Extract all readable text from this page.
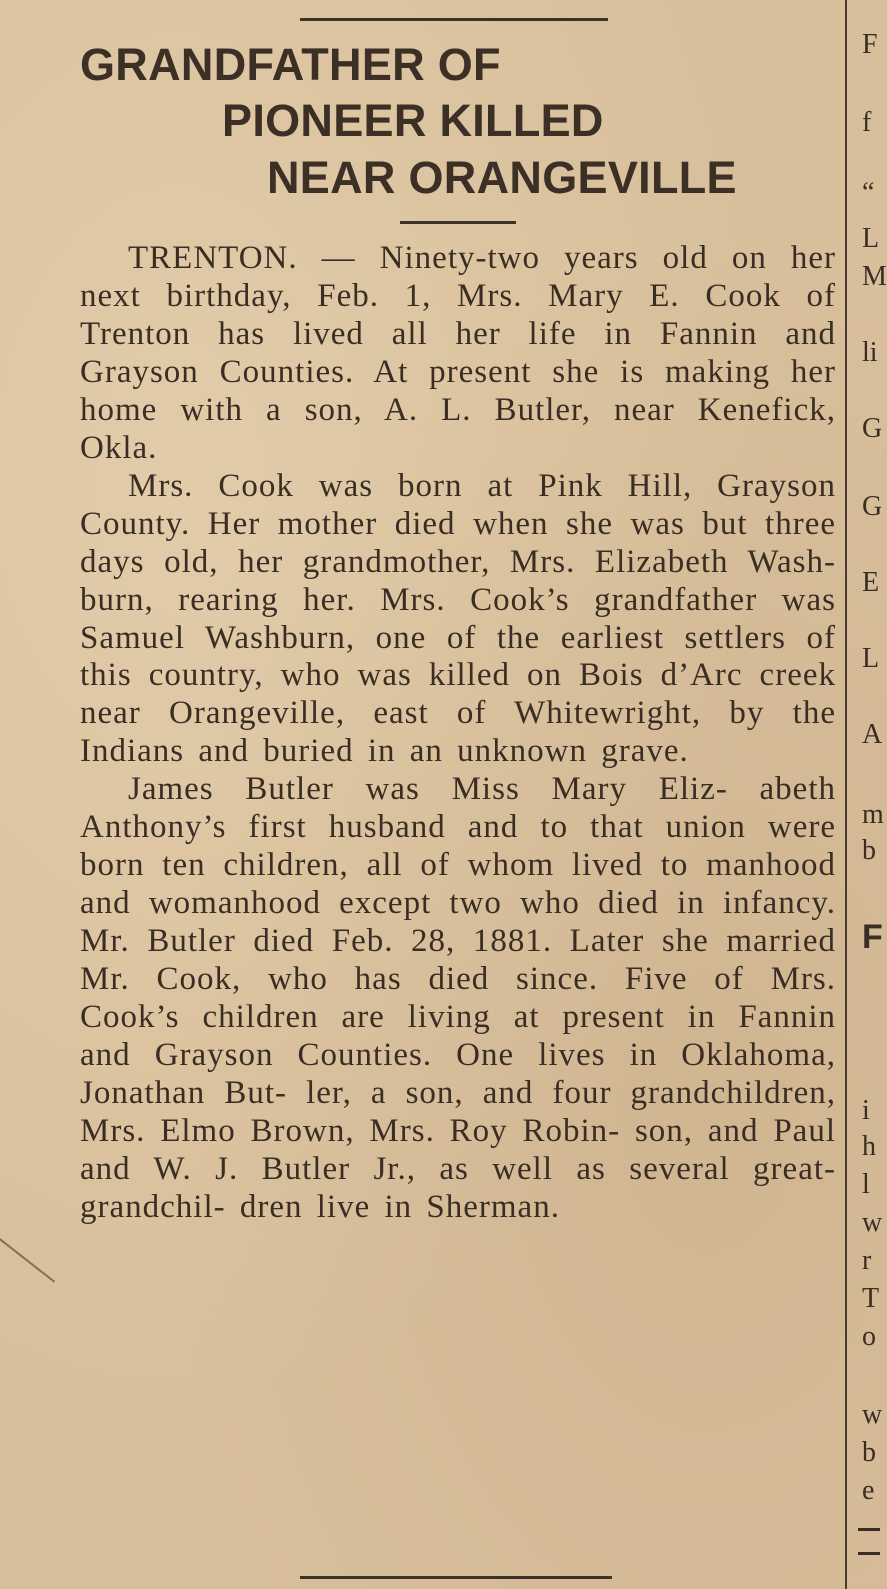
GRANDFATHER OF
PIONEER KILLED
NEAR ORANGEVILLE

TRENTON. — Ninety-two years old on her next birthday, Feb. 1, Mrs. Mary E. Cook of Trenton has lived all her life in Fannin and Grayson Counties. At present she is making her home with a son, A. L. Butler, near Kenefick, Okla.

Mrs. Cook was born at Pink Hill, Grayson County. Her mother died when she was but three days old, her grandmother, Mrs. Elizabeth Wash- burn, rearing her. Mrs. Cook’s grandfather was Samuel Washburn, one of the earliest settlers of this country, who was killed on Bois d’Arc creek near Orangeville, east of Whitewright, by the Indians and buried in an unknown grave.

James Butler was Miss Mary Eliz- abeth Anthony’s first husband and to that union were born ten children, all of whom lived to manhood and womanhood except two who died in infancy. Mr. Butler died Feb. 28, 1881. Later she married Mr. Cook, who has died since. Five of Mrs. Cook’s children are living at present in Fannin and Grayson Counties. One lives in Oklahoma, Jonathan But- ler, a son, and four grandchildren, Mrs. Elmo Brown, Mrs. Roy Robin- son, and Paul and W. J. Butler Jr., as well as several great-grandchil- dren live in Sherman.

F
f
“
L
M
li
G
G
E
L
A
m
b
F
i
h
l
w
r
T
o
w
b
e
